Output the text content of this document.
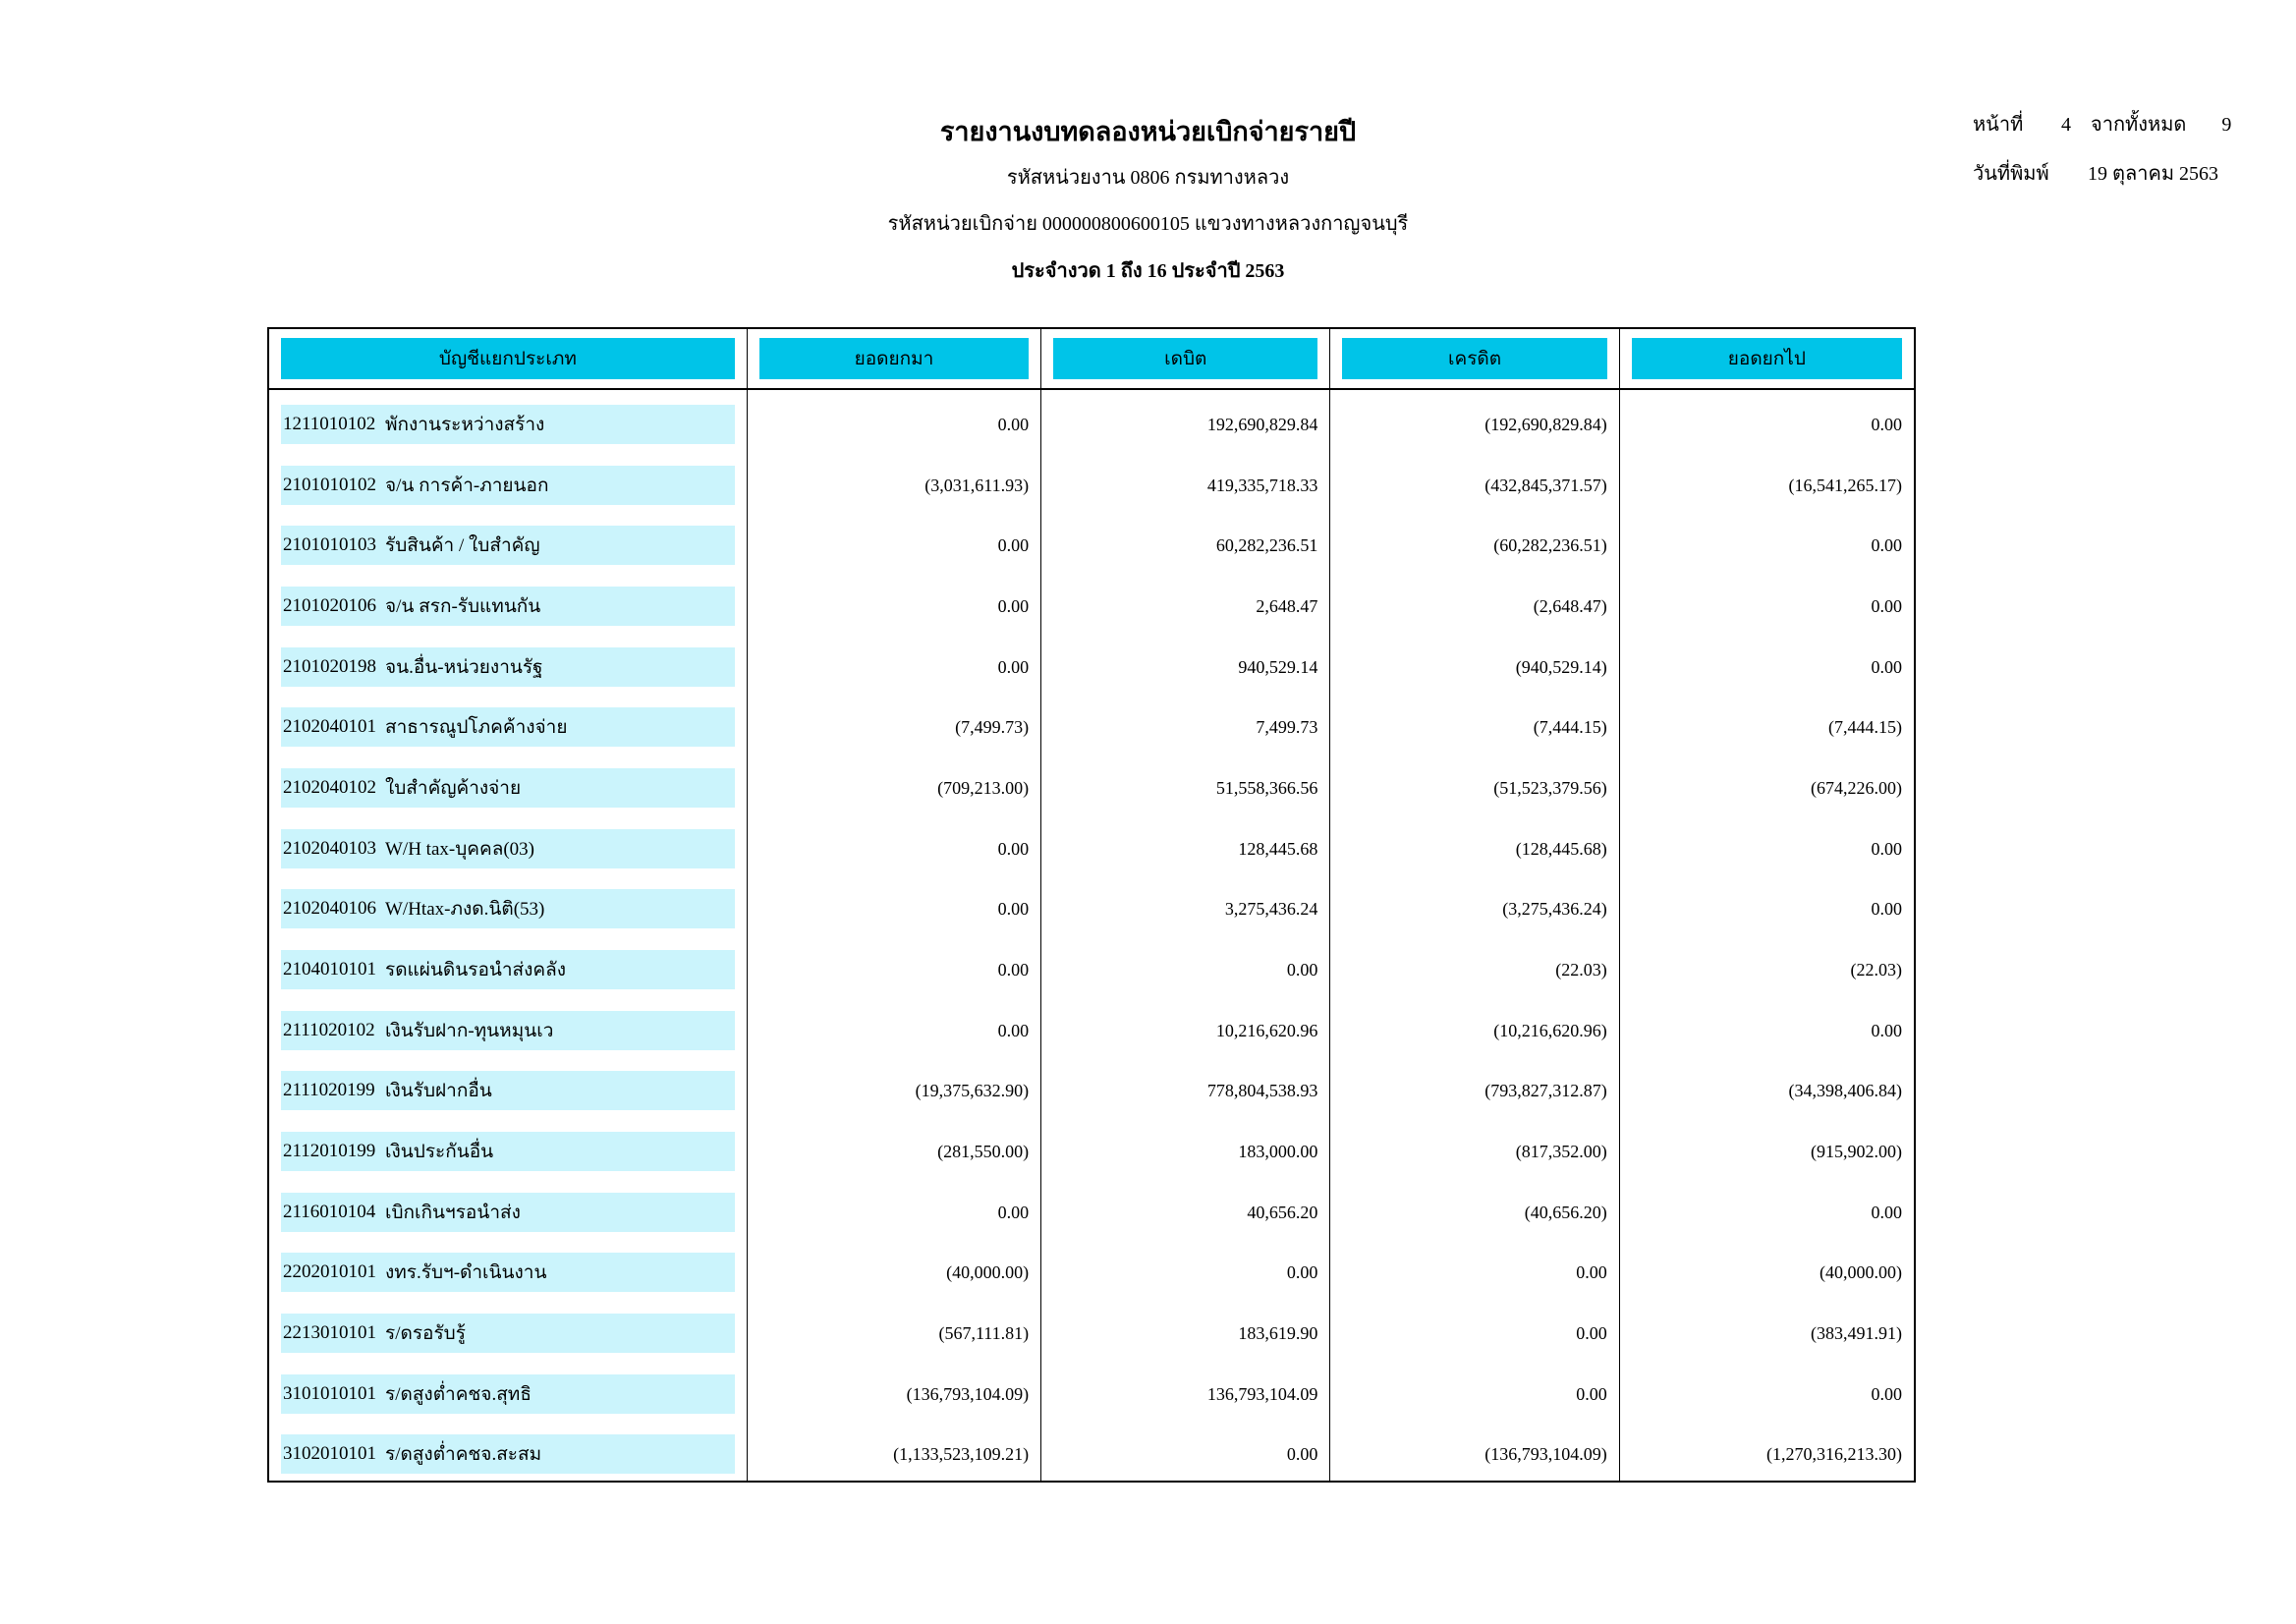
รายงานงบทดลองหน่วยเบิกจ่ายรายปี
รหัสหน่วยงาน 0806 กรมทางหลวง
รหัสหน่วยเบิกจ่าย 000000800600105 แขวงทางหลวงกาญจนบุรี
ประจำงวด 1 ถึง 16 ประจำปี 2563
หน้าที่	4	จากทั้งหมด 9
วันที่พิมพ์	19 ตุลาคม 2563
บัญชีแยกประเภท	ยอดยกมา	เดบิต	เครดิต	ยอดยกไป
1211010102 พักงานระหว่างสร้าง	0.00	192,690,829.84	(192,690,829.84)	0.00
2101010102 จ/น การค้า-ภายนอก	(3,031,611.93)	419,335,718.33	(432,845,371.57)	(16,541,265.17)
2101010103 รับสินค้า / ใบสำคัญ	0.00	60,282,236.51	(60,282,236.51)	0.00
2101020106 จ/น สรก-รับแทนกัน	0.00	2,648.47	(2,648.47)	0.00
2101020198 จน.อื่น-หน่วยงานรัฐ	0.00	940,529.14	(940,529.14)	0.00
2102040101 สาธารณูปโภคค้างจ่าย	(7,499.73)	7,499.73	(7,444.15)	(7,444.15)
2102040102 ใบสำคัญค้างจ่าย	(709,213.00)	51,558,366.56	(51,523,379.56)	(674,226.00)
2102040103 W/H tax-บุคคล(03)	0.00	128,445.68	(128,445.68)	0.00
2102040106 W/Htax-ภงด.นิติ(53)	0.00	3,275,436.24	(3,275,436.24)	0.00
2104010101 รดแผ่นดินรอนำส่งคลัง	0.00	0.00	(22.03)	(22.03)
2111020102 เงินรับฝาก-ทุนหมุนเว	0.00	10,216,620.96	(10,216,620.96)	0.00
2111020199 เงินรับฝากอื่น	(19,375,632.90)	778,804,538.93	(793,827,312.87)	(34,398,406.84)
2112010199 เงินประกันอื่น	(281,550.00)	183,000.00	(817,352.00)	(915,902.00)
2116010104 เบิกเกินฯรอนำส่ง	0.00	40,656.20	(40,656.20)	0.00
2202010101 งทร.รับฯ-ดำเนินงาน	(40,000.00)	0.00	0.00	(40,000.00)
2213010101 ร/ดรอรับรู้	(567,111.81)	183,619.90	0.00	(383,491.91)
3101010101 ร/ดสูงต่ำคชจ.สุทธิ	(136,793,104.09)	136,793,104.09	0.00	0.00
3102010101 ร/ดสูงต่ำคชจ.สะสม	(1,133,523,109.21)	0.00	(136,793,104.09)	(1,270,316,213.30)
